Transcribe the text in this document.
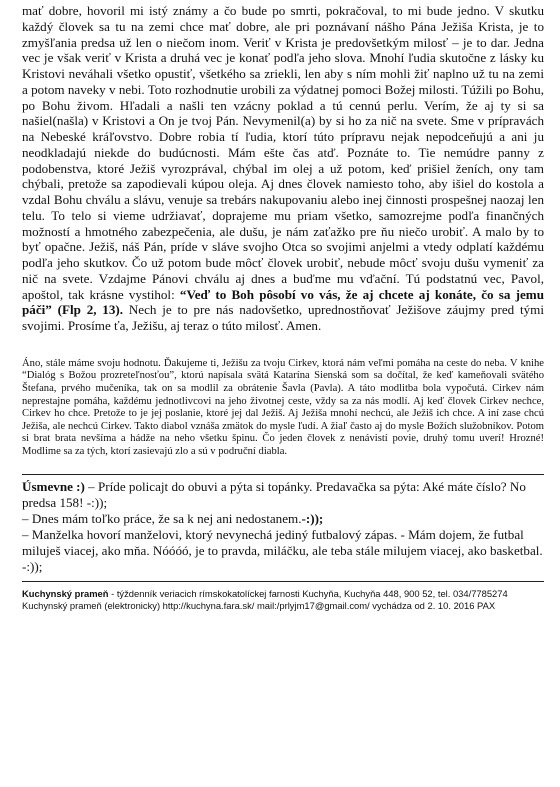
mať dobre, hovoril mi istý známy a čo bude po smrti, pokračoval, to mi bude jedno. V skutku každý človek sa tu na zemi chce mať dobre, ale pri poznávaní nášho Pána Ježiša Krista, je to zmyšľania predsa už len o niečom inom. Veriť v Krista je predovšetkým milosť – je to dar. Jedna vec je však veriť v Krista a druhá vec je konať podľa jeho slova. Mnohí ľudia skutočne z lásky ku Kristovi neváhali všetko opustiť, všetkého sa zriekli, len aby s ním mohli žiť naplno už tu na zemi a potom naveky v nebi. Toto rozhodnutie urobili za výdatnej pomoci Božej milosti. Túžili po Bohu, po Bohu živom. Hľadali a našli ten vzácny poklad a tú cennú perlu. Verím, že aj ty si sa našiel(našla) v Kristovi a On je tvoj Pán. Nevymenil(a) by si ho za nič na svete. Sme v prípravách na Nebeské kráľovstvo. Dobre robia tí ľudia, ktorí túto prípravu nejak nepodceňujú a ani ju neodkladajú niekde do budúcnosti. Mám ešte čas atď. Poznáte to. Tie nemúdre panny z podobenstva, ktoré Ježiš vyrozprával, chýbal im olej a už potom, keď prišiel ženích, ony tam chýbali, pretože sa zapodievali kúpou oleja. Aj dnes človek namiesto toho, aby išiel do kostola a vzdal Bohu chválu a slávu, venuje sa trebárs nakupovaniu alebo inej činnosti prospešnej naozaj len telu. To telo si vieme udržiavať, dopraјeme mu priam všetko, samozrejme podľa finančných možností a hmotného zabezpečenia, ale dušu, je nám zaťažko pre ňu niečo urobiť. A malo by to byť opačne. Ježiš, náš Pán, príde v sláve svojho Otca so svojimi anjelmi a vtedy odplatí každému podľa jeho skutkov. Čo už potom bude môcť človek urobiť, nebude môcť svoju dušu vymeniť za nič na svete. Vzdajme Pánovi chválu aj dnes a buďme mu vďační. Tú podstatnú vec, Pavol, apoštol, tak krásne vystihol: “Veď to Boh pôsobí vo vás, že aj chcete aj konáte, čo sa jemu páči” (Flp 2, 13). Nech je to pre nás nadovšetko, uprednostňovať Ježišove záujmy pred tými svojimi. Prosíme ťa, Ježišu, aj teraz o túto milosť. Amen.

Áno, stále máme svoju hodnotu. Ďakujeme ti, Ježišu za tvoju Cirkev, ktorá nám veľmi pomáha na ceste do neba. V knihe “Dialóg s Božou prozreteľnosťou”, ktorú napísala svätá Katarína Sienská som sa dočítal, že keď kameňovali svätého Štefana, prvého mučeníka, tak on sa modlil za obrátenie Šavla (Pavla). A táto modlitba bola vypočutá. Cirkev nám neprestajne pomáha, každému jednotlivcovi na jeho životnej ceste, vždy sa za nás modlí. Aj keď človek Cirkev nechce, Cirkev ho chce. Pretože to je jej poslanie, ktoré jej dal Ježiš. Aj Ježiša mnohí nechcú, ale Ježiš ich chce. A iní zase chcú Ježiša, ale nechcú Cirkev. Takto diabol vznáša zmätok do mysle ľudí. A žiaľ často aj do mysle Božích služobníkov. Potom si brat brata nevšíma a hádže na neho všetku špinu. Čo jeden človek z nenávistí povie, druhý tomu uverí! Hrozné! Modlime sa za tých, ktorí zasievajú zlo a sú v područní diabla.

Úsmevne :) – Príde policajt do obuvi a pýta si topánky. Predavačka sa pýta: Aké máte číslo? No predsa 158! -:));
– Dnes mám toľko práce, že sa k nej ani nedostanem.-:));
– Manželka hovorí manželovi, ktorý nevynechá jediný futbalový zápas. - Mám dojem, že futbal miluješ viacej, ako mňa. Nóóóó, je to pravda, miláčku, ale teba stále milujem viacej, ako basketbal. -:));
Kuchynský prameň - týždenník veriacich rímskokatolíckej farnosti Kuchyňa, Kuchyňa 448, 900 52, tel. 034/7785274
Kuchynský prameň (elektronicky) http://kuchyna.fara.sk/ mail:/prlyjm17@gmail.com/ vychádza od 2. 10. 2016 PAX
